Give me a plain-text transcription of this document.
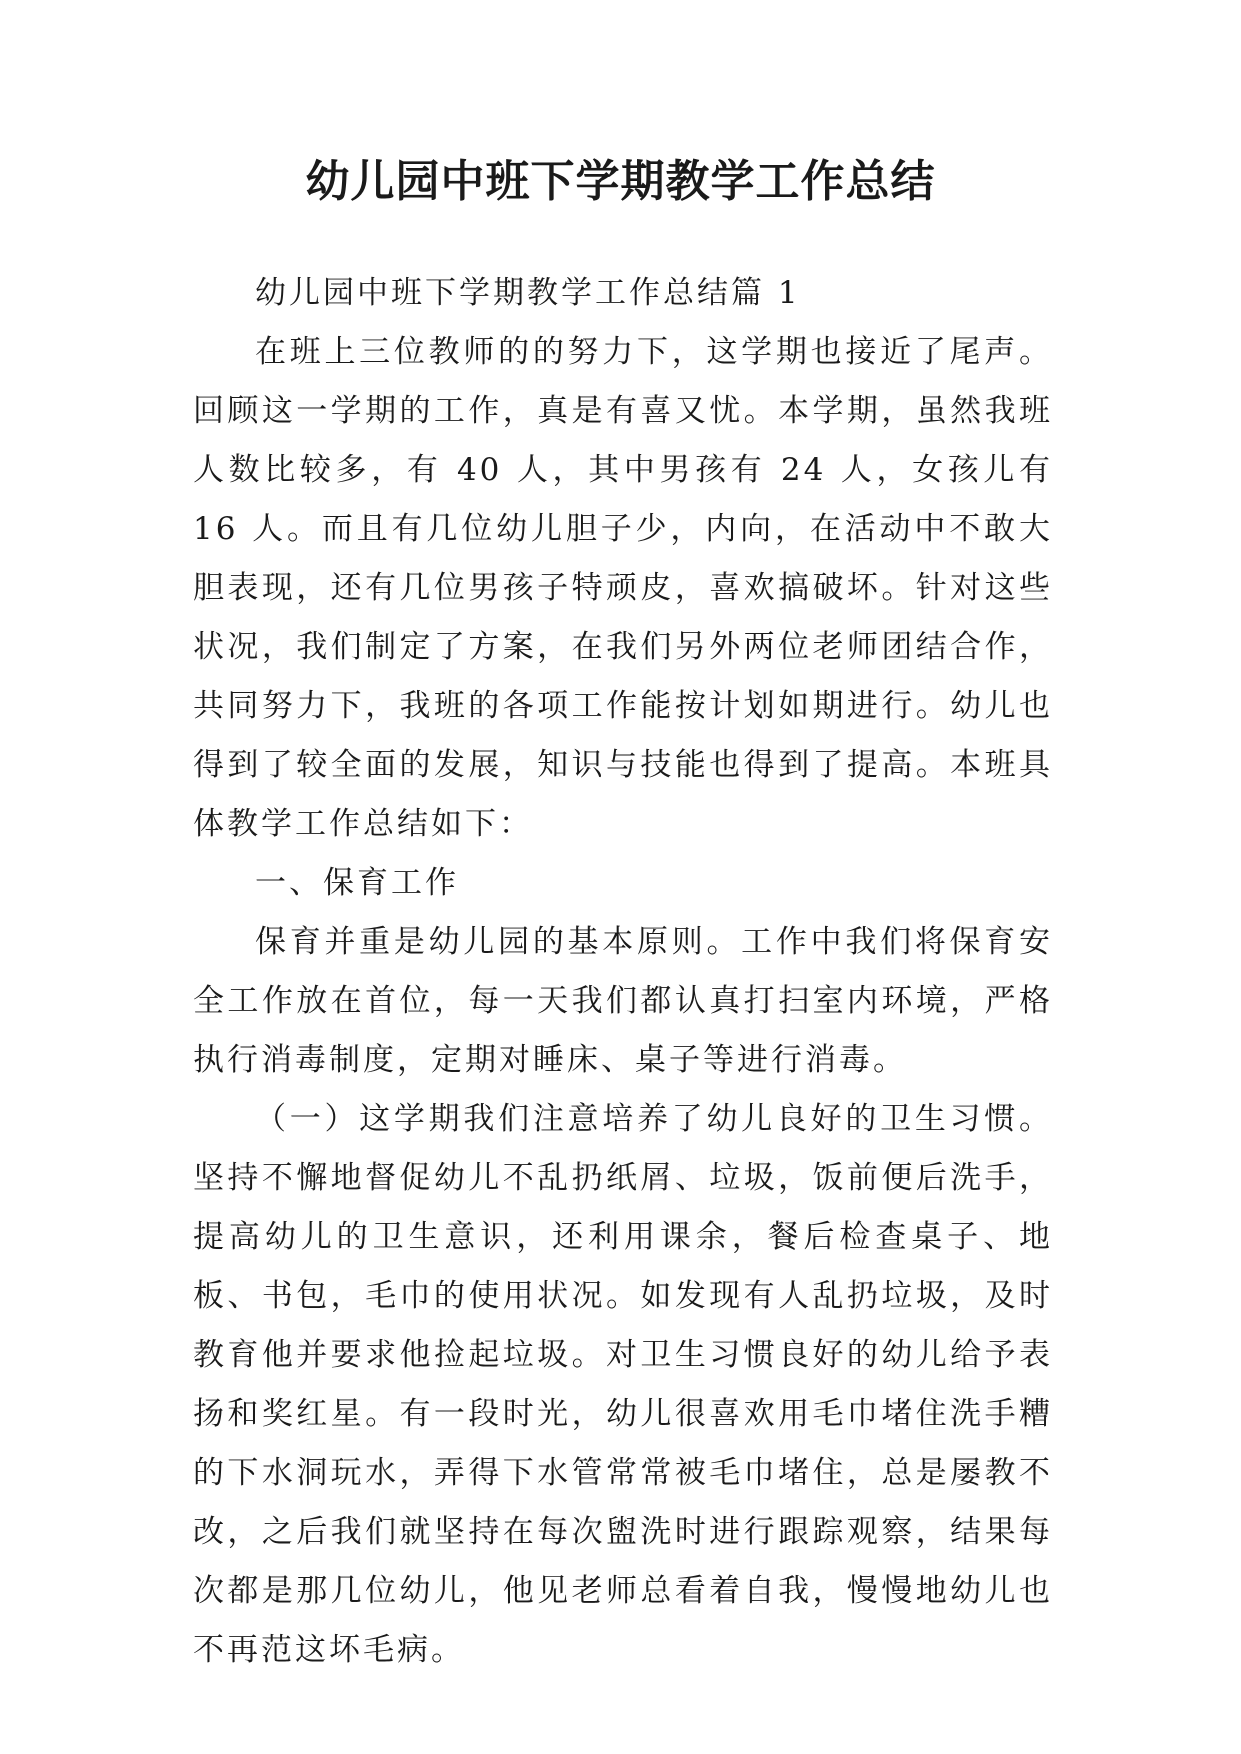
幼儿园中班下学期教学工作总结

幼儿园中班下学期教学工作总结篇 1

在班上三位教师的的努力下，这学期也接近了尾声。回顾这一学期的工作，真是有喜又忧。本学期，虽然我班人数比较多，有 40 人，其中男孩有 24 人，女孩儿有 16 人。而且有几位幼儿胆子少，内向，在活动中不敢大胆表现，还有几位男孩子特顽皮，喜欢搞破坏。针对这些状况，我们制定了方案，在我们另外两位老师团结合作，共同努力下，我班的各项工作能按计划如期进行。幼儿也得到了较全面的发展，知识与技能也得到了提高。本班具体教学工作总结如下：

一、保育工作

保育并重是幼儿园的基本原则。工作中我们将保育安全工作放在首位，每一天我们都认真打扫室内环境，严格执行消毒制度，定期对睡床、桌子等进行消毒。

（一）这学期我们注意培养了幼儿良好的卫生习惯。坚持不懈地督促幼儿不乱扔纸屑、垃圾，饭前便后洗手，提高幼儿的卫生意识，还利用课余，餐后检查桌子、地板、书包，毛巾的使用状况。如发现有人乱扔垃圾，及时教育他并要求他捡起垃圾。对卫生习惯良好的幼儿给予表扬和奖红星。有一段时光，幼儿很喜欢用毛巾堵住洗手糟的下水洞玩水，弄得下水管常常被毛巾堵住，总是屡教不改，之后我们就坚持在每次盥洗时进行跟踪观察，结果每次都是那几位幼儿，他见老师总看着自我，慢慢地幼儿也不再范这坏毛病。
